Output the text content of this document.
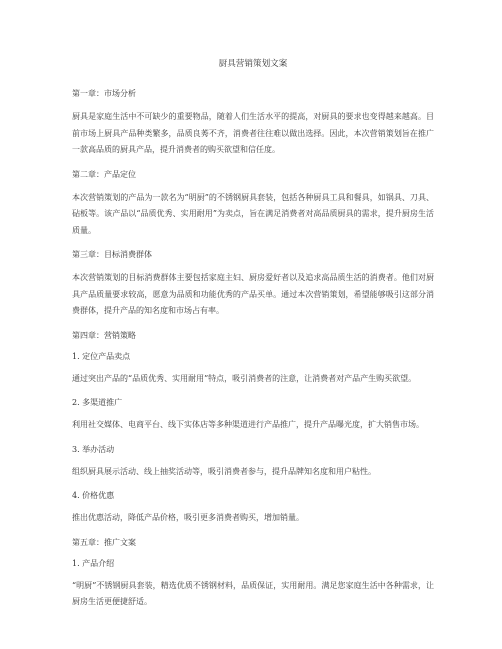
厨具营销策划文案
第一章：市场分析

厨具是家庭生活中不可缺少的重要物品，随着人们生活水平的提高，对厨具的要求也变得越来越高。目前市场上厨具产品种类繁多，品质良莠不齐，消费者往往难以做出选择。因此，本次营销策划旨在推广一款高品质的厨具产品，提升消费者的购买欲望和信任度。

第二章：产品定位

本次营销策划的产品为一款名为“明厨”的不锈钢厨具套装，包括各种厨具工具和餐具，如锅具、刀具、砧板等。该产品以“品质优秀、实用耐用”为卖点，旨在满足消费者对高品质厨具的需求，提升厨房生活质量。

第三章：目标消费群体

本次营销策划的目标消费群体主要包括家庭主妇、厨房爱好者以及追求高品质生活的消费者。他们对厨具产品质量要求较高，愿意为品质和功能优秀的产品买单。通过本次营销策划，希望能够吸引这部分消费群体，提升产品的知名度和市场占有率。

第四章：营销策略
1. 定位产品卖点

通过突出产品的“品质优秀、实用耐用”特点，吸引消费者的注意，让消费者对产品产生购买欲望。

2. 多渠道推广

利用社交媒体、电商平台、线下实体店等多种渠道进行产品推广，提升产品曝光度，扩大销售市场。

3. 举办活动

组织厨具展示活动、线上抽奖活动等，吸引消费者参与，提升品牌知名度和用户粘性。

4. 价格优惠

推出优惠活动，降低产品价格，吸引更多消费者购买，增加销量。

第五章：推广文案
1. 产品介绍

“明厨”不锈钢厨具套装，精选优质不锈钢材料，品质保证，实用耐用。满足您家庭生活中各种需求，让厨房生活更便捷舒适。
